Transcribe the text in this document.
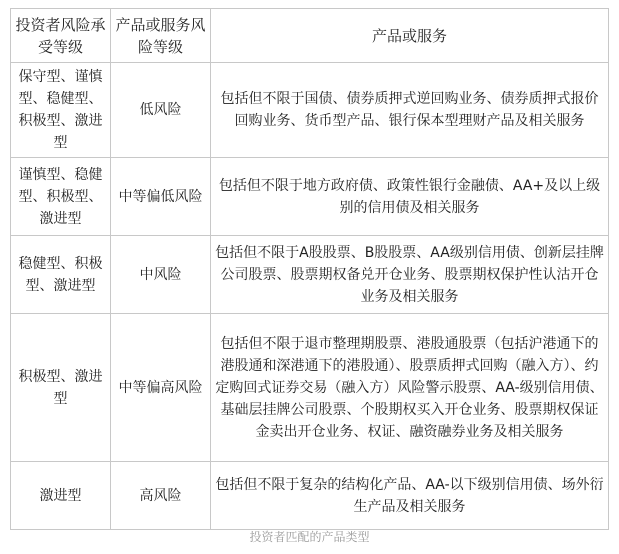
投资者风险承受等级	产品或服务风险等级	产品或服务
保守型、谨慎型、稳健型、积极型、激进型	低风险	包括但不限于国债、债券质押式逆回购业务、债券质押式报价回购业务、货币型产品、银行保本型理财产品及相关服务
谨慎型、稳健型、积极型、激进型	中等偏低风险	包括但不限于地方政府债、政策性银行金融债、AA+及以上级别的信用债及相关服务
稳健型、积极型、激进型	中风险	包括但不限于A股股票、B股股票、AA级别信用债、创新层挂牌公司股票、股票期权备兑开仓业务、股票期权保护性认沽开仓业务及相关服务
积极型、激进型	中等偏高风险	包括但不限于退市整理期股票、港股通股票（包括沪港通下的港股通和深港通下的港股通）、股票质押式回购（融入方）、约定购回式证券交易（融入方）风险警示股票、AA-级别信用债、基础层挂牌公司股票、个股期权买入开仓业务、股票期权保证金卖出开仓业务、权证、融资融券业务及相关服务
激进型	高风险	包括但不限于复杂的结构化产品、AA-以下级别信用债、场外衍生产品及相关服务
投资者匹配的产品类型
